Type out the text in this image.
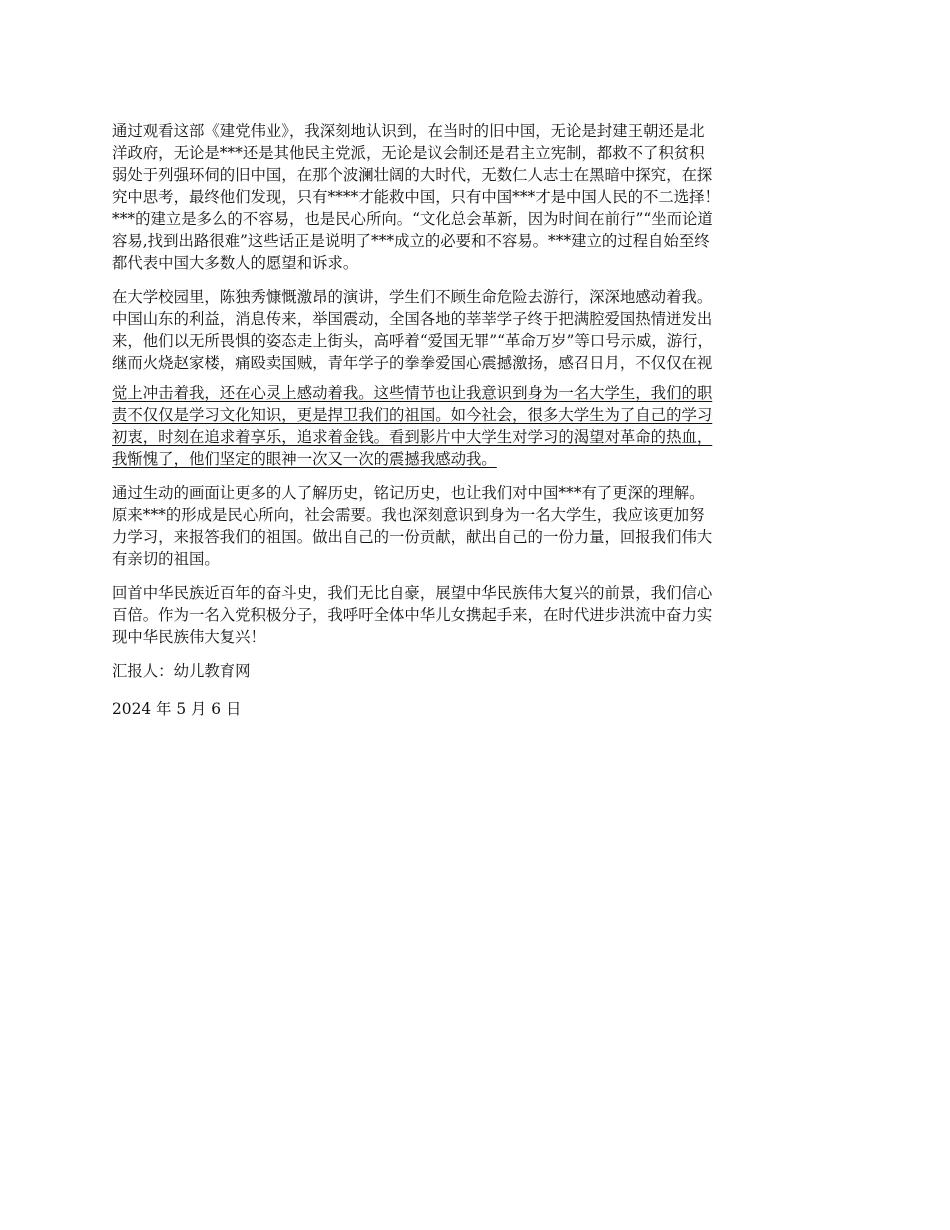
通过观看这部《建党伟业》，我深刻地认识到，在当时的旧中国，无论是封建王朝还是北
洋政府，无论是***还是其他民主党派，无论是议会制还是君主立宪制，都救不了积贫积
弱处于列强环伺的旧中国，在那个波澜壮阔的大时代，无数仁人志士在黑暗中探究，在探
究中思考，最终他们发现，只有****才能救中国，只有中国***才是中国人民的不二选择！
***的建立是多么的不容易，也是民心所向。“文化总会革新，因为时间在前行”“坐而论道
容易,找到出路很难”这些话正是说明了***成立的必要和不容易。***建立的过程自始至终
都代表中国大多数人的愿望和诉求。
在大学校园里，陈独秀慷慨激昂的演讲，学生们不顾生命危险去游行，深深地感动着我。
中国山东的利益，消息传来，举国震动，全国各地的莘莘学子终于把满腔爱国热情迸发出
来，他们以无所畏惧的姿态走上街头，高呼着“爱国无罪”“革命万岁”等口号示威，游行，
继而火烧赵家楼，痛殴卖国贼，青年学子的拳拳爱国心震撼激扬，感召日月，不仅仅在视
觉上冲击着我，还在心灵上感动着我。这些情节也让我意识到身为一名大学生，我们的职
责不仅仅是学习文化知识，更是捍卫我们的祖国。如今社会，很多大学生为了自己的学习
初衷，时刻在追求着享乐，追求着金钱。看到影片中大学生对学习的渴望对革命的热血，
我惭愧了，他们坚定的眼神一次又一次的震撼我感动我。
通过生动的画面让更多的人了解历史，铭记历史，也让我们对中国***有了更深的理解。
原来***的形成是民心所向，社会需要。我也深刻意识到身为一名大学生，我应该更加努
力学习，来报答我们的祖国。做出自己的一份贡献，献出自己的一份力量，回报我们伟大
有亲切的祖国。
回首中华民族近百年的奋斗史，我们无比自豪，展望中华民族伟大复兴的前景，我们信心
百倍。作为一名入党积极分子，我呼吁全体中华儿女携起手来，在时代进步洪流中奋力实
现中华民族伟大复兴！
汇报人：幼儿教育网
2024 年 5 月 6 日
